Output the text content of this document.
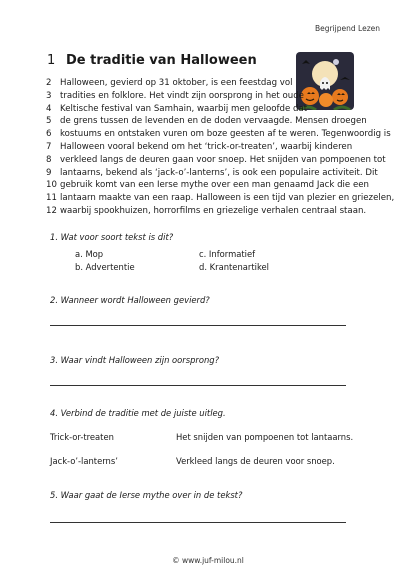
Begrijpend Lezen
1 De traditie van Halloween
2 Halloween, gevierd op 31 oktober, is een feestdag vol
3 tradities en folklore. Het vindt zijn oorsprong in het oude
4 Keltische festival van Samhain, waarbij men geloofde dat
5 de grens tussen de levenden en de doden vervaagde. Mensen droegen
6 kostuums en ontstaken vuren om boze geesten af te weren. Tegenwoordig is
7 Halloween vooral bekend om het ‘trick-or-treaten’, waarbij kinderen
8 verkleed langs de deuren gaan voor snoep. Het snijden van pompoenen tot
9 lantaarns, bekend als ‘jack-o’-lanterns’, is ook een populaire activiteit. Dit
10 gebruik komt van een Ierse mythe over een man genaamd Jack die een
11 lantaarn maakte van een raap. Halloween is een tijd van plezier en griezelen,
12 waarbij spookhuizen, horrorfilms en griezelige verhalen centraal staan.
1. Wat voor soort tekst is dit?
a. Mop	c. Informatief
b. Advertentie	d. Krantenartikel
2. Wanneer wordt Halloween gevierd?
3. Waar vindt Halloween zijn oorsprong?
4. Verbind de traditie met de juiste uitleg.
Trick-or-treaten	Het snijden van pompoenen tot lantaarns.
Jack-o’-lanterns’	Verkleed langs de deuren voor snoep.
5. Waar gaat de Ierse mythe over in de tekst?
© www.juf-milou.nl
